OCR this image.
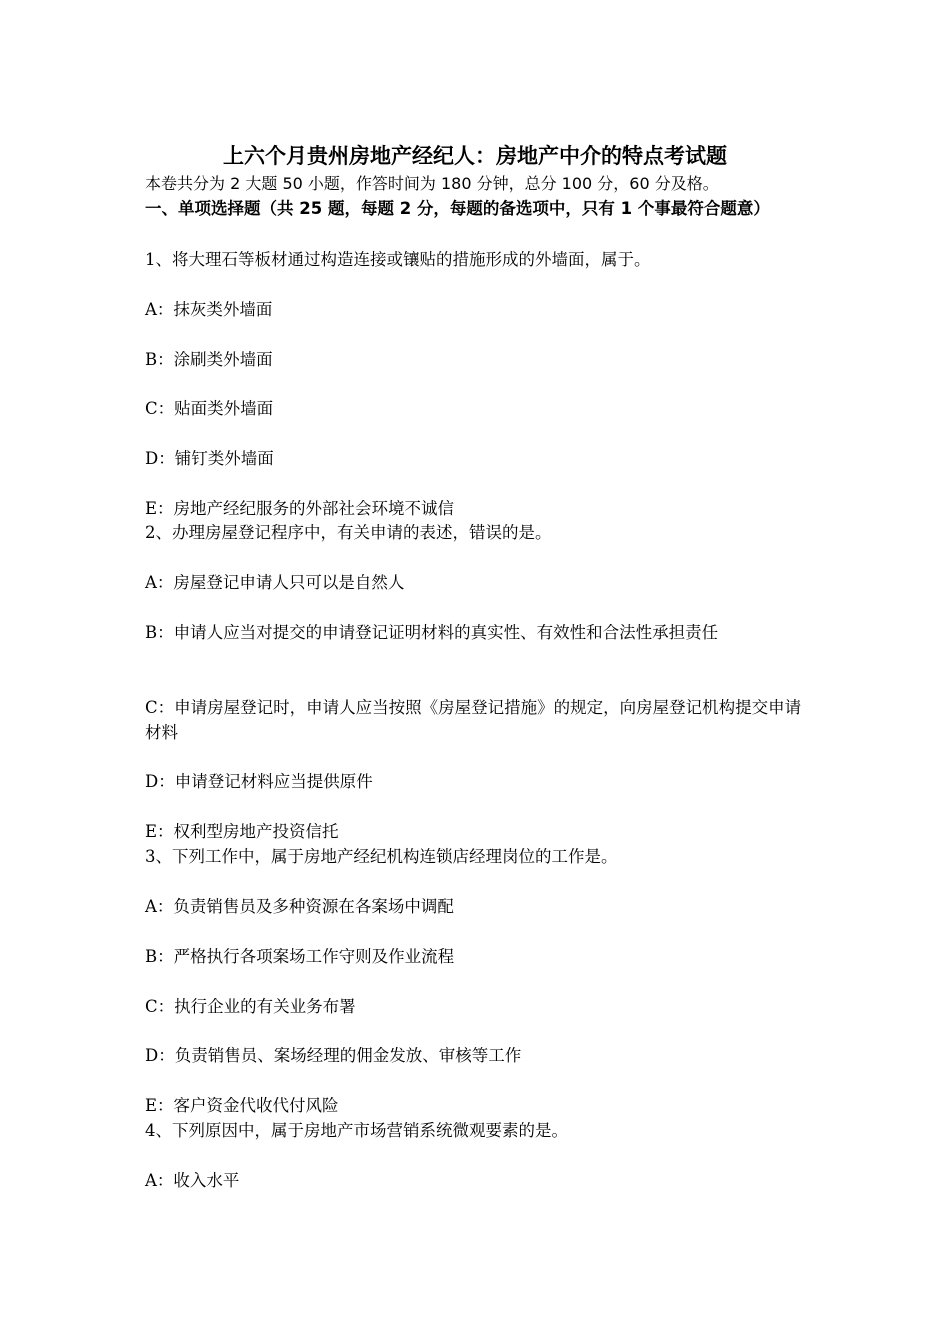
上六个月贵州房地产经纪人：房地产中介的特点考试题
本卷共分为 2 大题 50 小题，作答时间为 180 分钟，总分 100 分，60 分及格。
一、单项选择题（共 25 题，每题 2 分，每题的备选项中，只有 1 个事最符合题意）
1、将大理石等板材通过构造连接或镶贴的措施形成的外墙面，属于。
A：抹灰类外墙面
B：涂刷类外墙面
C：贴面类外墙面
D：铺钉类外墙面
E：房地产经纪服务的外部社会环境不诚信
2、办理房屋登记程序中，有关申请的表述，错误的是。
A：房屋登记申请人只可以是自然人
B：申请人应当对提交的申请登记证明材料的真实性、有效性和合法性承担责任
C：申请房屋登记时，申请人应当按照《房屋登记措施》的规定，向房屋登记机构提交申请材料
D：申请登记材料应当提供原件
E：权利型房地产投资信托
3、下列工作中，属于房地产经纪机构连锁店经理岗位的工作是。
A：负责销售员及多种资源在各案场中调配
B：严格执行各项案场工作守则及作业流程
C：执行企业的有关业务布署
D：负责销售员、案场经理的佣金发放、审核等工作
E：客户资金代收代付风险
4、下列原因中，属于房地产市场营销系统微观要素的是。
A：收入水平
